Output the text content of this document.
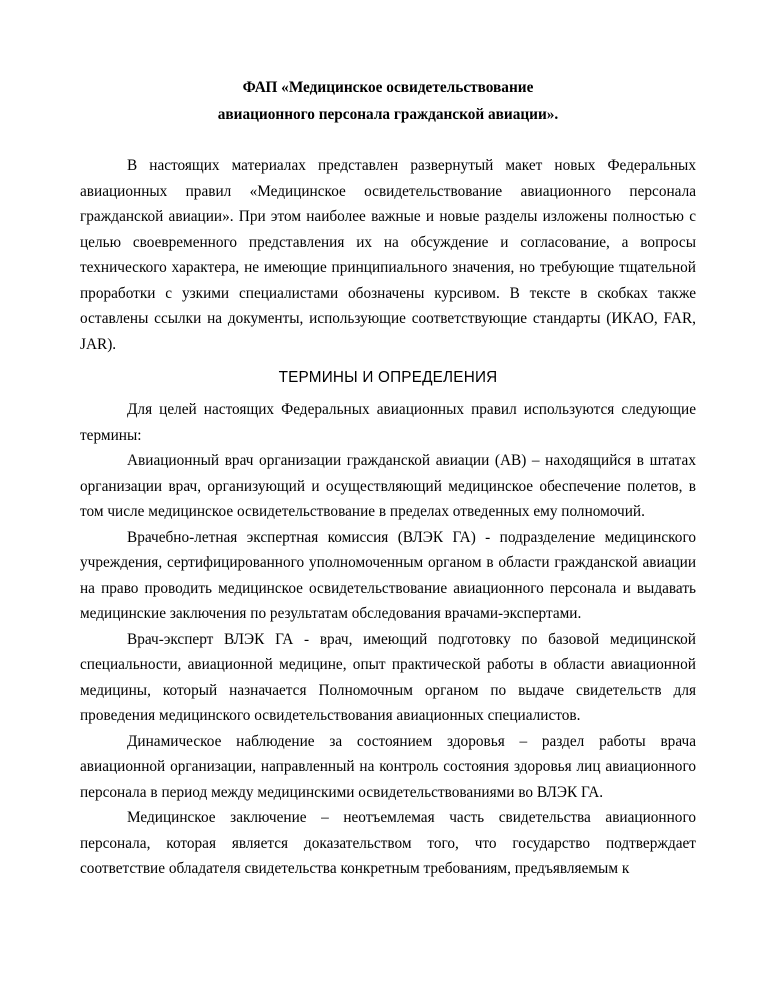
ФАП «Медицинское освидетельствование
авиационного персонала гражданской авиации».

В настоящих материалах представлен развернутый макет новых Федеральных авиационных правил «Медицинское освидетельствование авиационного персонала гражданской авиации». При этом наиболее важные и новые разделы изложены полностью с целью своевременного представления их на обсуждение и согласование, а вопросы технического характера, не имеющие принципиального значения, но требующие тщательной проработки с узкими специалистами обозначены курсивом. В тексте в скобках также оставлены ссылки на документы, использующие соответствующие стандарты (ИКАО, FAR, JAR).

ТЕРМИНЫ И ОПРЕДЕЛЕНИЯ

Для целей настоящих Федеральных авиационных правил используются следующие термины:

Авиационный врач организации гражданской авиации (АВ) – находящийся в штатах организации врач, организующий и осуществляющий медицинское обеспечение полетов, в том числе медицинское освидетельствование в пределах отведенных ему полномочий.

Врачебно-летная экспертная комиссия (ВЛЭК ГА) - подразделение медицинского учреждения, сертифицированного уполномоченным органом в области гражданской авиации на право проводить медицинское освидетельствование авиационного персонала и выдавать медицинские заключения по результатам обследования врачами-экспертами.

Врач-эксперт ВЛЭК ГА - врач, имеющий подготовку по базовой медицинской специальности, авиационной медицине, опыт практической работы в области авиационной медицины, который назначается Полномочным органом по выдаче свидетельств для проведения медицинского освидетельствования авиационных специалистов.

Динамическое наблюдение за состоянием здоровья – раздел работы врача авиационной организации, направленный на контроль состояния здоровья лиц авиационного персонала в период между медицинскими освидетельствованиями во ВЛЭК ГА.

Медицинское заключение – неотъемлемая часть свидетельства авиационного персонала, которая является доказательством того, что государство подтверждает соответствие обладателя свидетельства конкретным требованиям, предъявляемым к
